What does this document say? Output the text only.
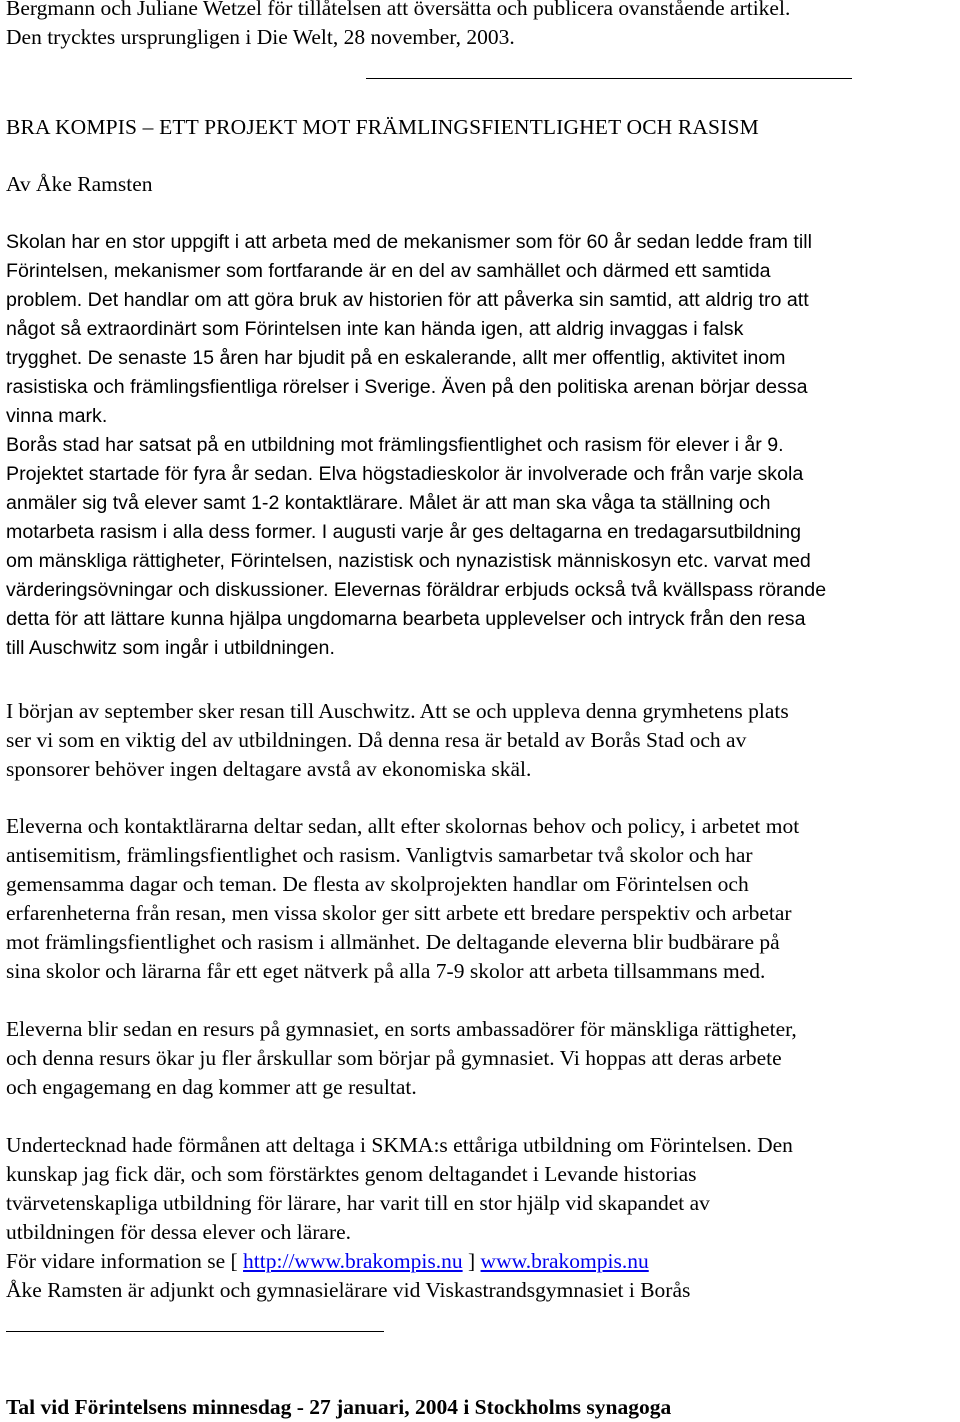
Bergmann och Juliane Wetzel för tillåtelsen att översätta och publicera ovanstående artikel.
Den trycktes ursprungligen i Die Welt, 28 november, 2003.
BRA KOMPIS – ETT PROJEKT MOT FRÄMLINGSFIENTLIGHET OCH RASISM
Av Åke Ramsten
Skolan har en stor uppgift i att arbeta med de mekanismer som för 60 år sedan ledde fram till
Förintelsen, mekanismer som fortfarande är en del av samhället och därmed ett samtida
problem. Det handlar om att göra bruk av historien för att påverka sin samtid, att aldrig tro att
något så extraordinärt som Förintelsen inte kan hända igen, att aldrig invaggas i falsk
trygghet. De senaste 15 åren har bjudit på en eskalerande, allt mer offentlig, aktivitet inom
rasistiska och främlingsfientliga rörelser i Sverige. Även på den politiska arenan börjar dessa
vinna mark.
Borås stad har satsat på en utbildning mot främlingsfientlighet och rasism för elever i år 9.
Projektet startade för fyra år sedan. Elva högstadieskolor är involverade och från varje skola
anmäler sig två elever samt 1-2 kontaktlärare. Målet är att man ska våga ta ställning och
motarbeta rasism i alla dess former. I augusti varje år ges deltagarna en tredagarsutbildning
om mänskliga rättigheter, Förintelsen, nazistisk och nynazistisk människosyn etc. varvat med
värderingsövningar och diskussioner. Elevernas föräldrar erbjuds också två kvällspass rörande
detta för att lättare kunna hjälpa ungdomarna bearbeta upplevelser och intryck från den resa
till Auschwitz som ingår i utbildningen.
I början av september sker resan till Auschwitz. Att se och uppleva denna grymhetens plats
ser vi som en viktig del av utbildningen. Då denna resa är betald av Borås Stad och av
sponsorer behöver ingen deltagare avstå av ekonomiska skäl.
Eleverna och kontaktlärarna deltar sedan, allt efter skolornas behov och policy, i arbetet mot
antisemitism, främlingsfientlighet och rasism. Vanligtvis samarbetar två skolor och har
gemensamma dagar och teman. De flesta av skolprojekten handlar om Förintelsen och
erfarenheterna från resan, men vissa skolor ger sitt arbete ett bredare perspektiv och arbetar
mot främlingsfientlighet och rasism i allmänhet. De deltagande eleverna blir budbärare på
sina skolor och lärarna får ett eget nätverk på alla 7-9 skolor att arbeta tillsammans med.
Eleverna blir sedan en resurs på gymnasiet, en sorts ambassadörer för mänskliga rättigheter,
och denna resurs ökar ju fler årskullar som börjar på gymnasiet. Vi hoppas att deras arbete
och engagemang en dag kommer att ge resultat.
Undertecknad hade förmånen att deltaga i SKMA:s ettåriga utbildning om Förintelsen. Den
kunskap jag fick där, och som förstärktes genom deltagandet i Levande historias
tvärvetenskapliga utbildning för lärare, har varit till en stor hjälp vid skapandet av
utbildningen för dessa elever och lärare.
För vidare information se [ http://www.brakompis.nu ] www.brakompis.nu
Åke Ramsten är adjunkt och gymnasielärare vid Viskastrandsgymnasiet i Borås
Tal vid Förintelsens minnesdag - 27 januari, 2004 i Stockholms synagoga
